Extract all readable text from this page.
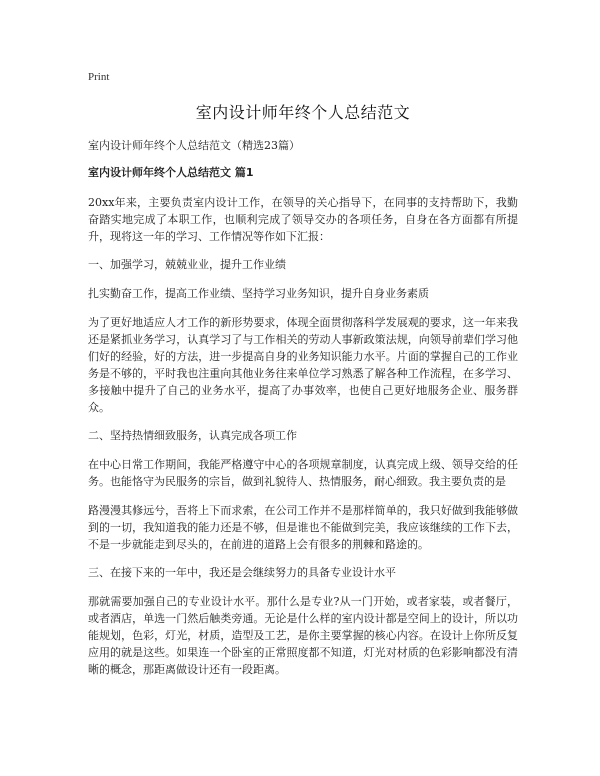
Print
室内设计师年终个人总结范文
室内设计师年终个人总结范文（精选23篇）
室内设计师年终个人总结范文 篇1

20xx年来，主要负责室内设计工作，在领导的关心指导下，在同事的支持帮助下，我勤奋踏实地完成了本职工作，也顺利完成了领导交办的各项任务，自身在各方面都有所提升，现将这一年的学习、工作情况等作如下汇报：

一、加强学习，兢兢业业，提升工作业绩

扎实勤奋工作，提高工作业绩、坚持学习业务知识，提升自身业务素质

为了更好地适应人才工作的新形势要求，体现全面贯彻落科学发展观的要求，这一年来我还是紧抓业务学习，认真学习了与工作相关的劳动人事新政策法规，向领导前辈们学习他们好的经验，好的方法，进一步提高自身的业务知识能力水平。片面的掌握自己的工作业务是不够的，平时我也注重向其他业务往来单位学习熟悉了解各种工作流程，在多学习、多接触中提升了自己的业务水平，提高了办事效率，也使自己更好地服务企业、服务群众。

二、坚持热情细致服务，认真完成各项工作

在中心日常工作期间，我能严格遵守中心的各项规章制度，认真完成上级、领导交给的任务。也能恪守为民服务的宗旨，做到礼貌待人、热情服务，耐心细致。我主要负责的是

路漫漫其修远兮，吾将上下而求索，在公司工作并不是那样简单的，我只好做到我能够做到的一切，我知道我的能力还是不够，但是谁也不能做到完美，我应该继续的工作下去，不是一步就能走到尽头的，在前进的道路上会有很多的荆棘和路途的。

三、在接下来的一年中，我还是会继续努力的具备专业设计水平

那就需要加强自己的专业设计水平。那什么是专业?从一门开始，或者家装，或者餐厅，或者酒店，单选一门然后触类旁通。无论是什么样的室内设计都是空间上的设计，所以功能规划，色彩，灯光，材质，造型及工艺，是你主要掌握的核心内容。在设计上你所反复应用的就是这些。如果连一个卧室的正常照度都不知道，灯光对材质的色彩影响都没有清晰的概念，那距离做设计还有一段距离。
